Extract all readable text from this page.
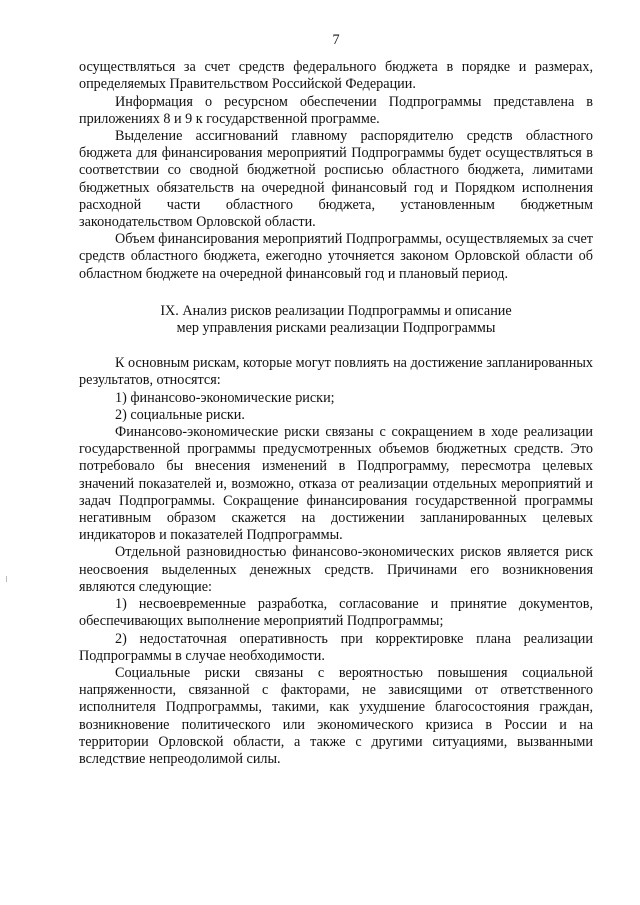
7

осуществляться за счет средств федерального бюджета в порядке и размерах, определяемых Правительством Российской Федерации.

Информация о ресурсном обеспечении Подпрограммы представлена в приложениях 8 и 9 к государственной программе.

Выделение ассигнований главному распорядителю средств областного бюджета для финансирования мероприятий Подпрограммы будет осуществляться в соответствии со сводной бюджетной росписью областного бюджета, лимитами бюджетных обязательств на очередной финансовый год и Порядком исполнения расходной части областного бюджета, установленным бюджетным законодательством Орловской области.

Объем финансирования мероприятий Подпрограммы, осуществляемых за счет средств областного бюджета, ежегодно уточняется законом Орловской области об областном бюджете на очередной финансовый год и плановый период.

IX. Анализ рисков реализации Подпрограммы и описание
мер управления рисками реализации Подпрограммы

К основным рискам, которые могут повлиять на достижение запланированных результатов, относятся:

1) финансово-экономические риски;

2) социальные риски.

Финансово-экономические риски связаны с сокращением в ходе реализации государственной программы предусмотренных объемов бюджетных средств. Это потребовало бы внесения изменений в Подпрограмму, пересмотра целевых значений показателей и, возможно, отказа от реализации отдельных мероприятий и задач Подпрограммы. Сокращение финансирования государственной программы негативным образом скажется на достижении запланированных целевых индикаторов и показателей Подпрограммы.

Отдельной разновидностью финансово-экономических рисков является риск неосвоения выделенных денежных средств. Причинами его возникновения являются следующие:

1) несвоевременные разработка, согласование и принятие документов, обеспечивающих выполнение мероприятий Подпрограммы;

2) недостаточная оперативность при корректировке плана реализации Подпрограммы в случае необходимости.

Социальные риски связаны с вероятностью повышения социальной напряженности, связанной с факторами, не зависящими от ответственного исполнителя Подпрограммы, такими, как ухудшение благосостояния граждан, возникновение политического или экономического кризиса в России и на территории Орловской области, а также с другими ситуациями, вызванными вследствие непреодолимой силы.
